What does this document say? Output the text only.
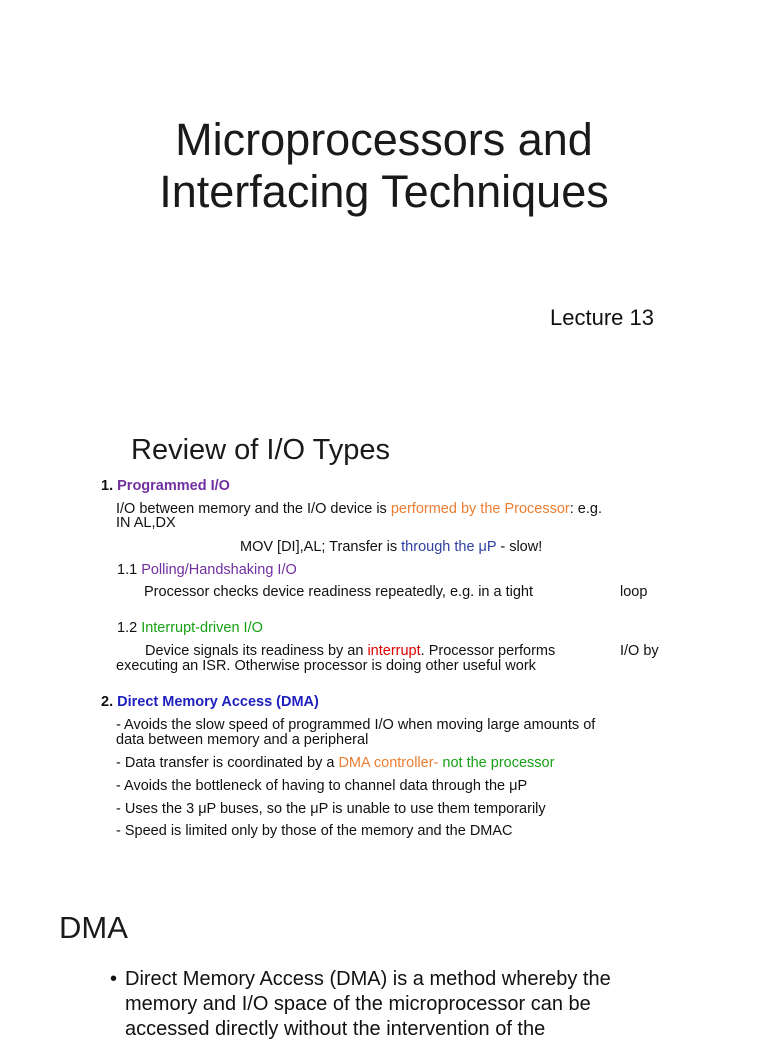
Microprocessors and
Interfacing Techniques
Lecture 13
Review of I/O Types
1. Programmed I/O
I/O between memory and the I/O device is performed by the Processor: e.g.
IN AL,DX
MOV [DI],AL; Transfer is through the μP - slow!
1.1 Polling/Handshaking I/O
Processor checks device readiness repeatedly, e.g. in a tight	loop
1.2 Interrupt-driven I/O
Device signals its readiness by an interrupt. Processor performs	I/O by
executing an ISR. Otherwise processor is doing other useful work
2. Direct Memory Access (DMA)
- Avoids the slow speed of programmed I/O when moving large amounts of
data between memory and a peripheral
- Data transfer is coordinated by a DMA controller- not the processor
- Avoids the bottleneck of having to channel data through the μP
- Uses the 3 μP buses, so the μP is unable to use them temporarily
- Speed is limited only by those of the memory and the DMAC
DMA
• Direct Memory Access (DMA) is a method whereby the
memory and I/O space of the microprocessor can be
accessed directly without the intervention of the
